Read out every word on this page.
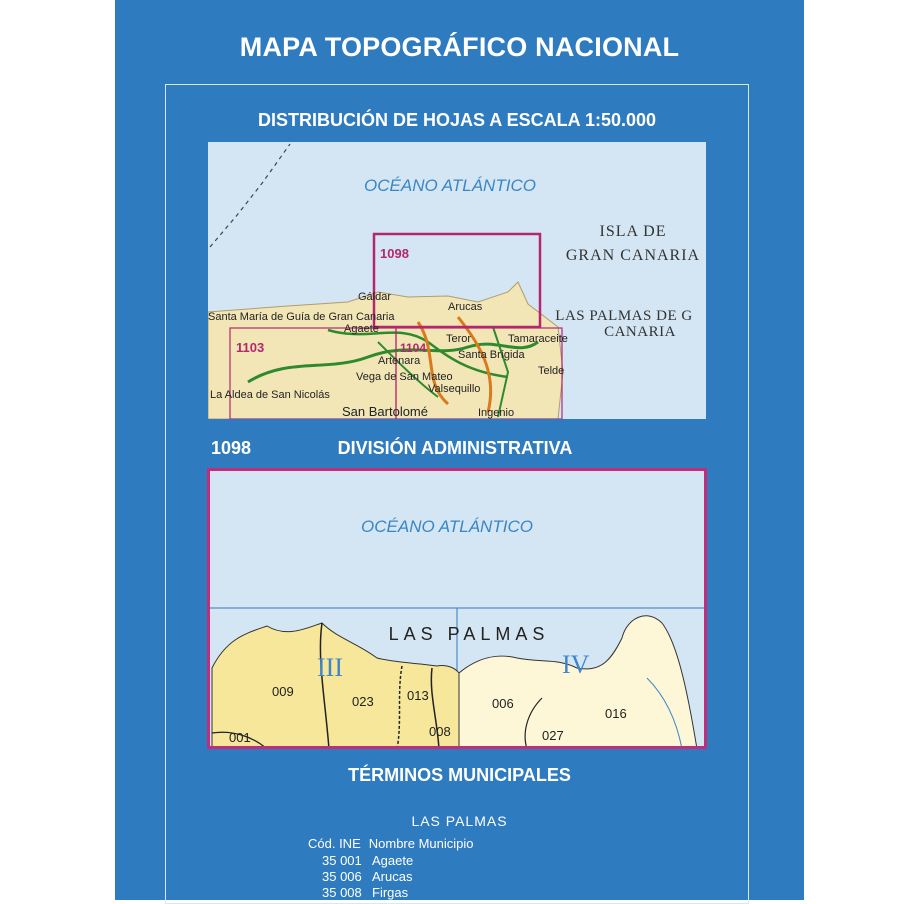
MAPA TOPOGRÁFICO NACIONAL
DISTRIBUCIÓN DE HOJAS A ESCALA 1:50.000
OCÉANO ATLÁNTICO
ISLA DE
GRAN CANARIA
LAS PALMAS DE G
CANARIA
1098
1103	1104
Gáldar
Arucas
Santa María de Guía de Gran Canaria
Agaete
Teror	Tamaraceite
Santa Brígida
Telde
Artenara
Vega de San Mateo
Valsequillo
La Aldea de San Nicolás
San Bartolomé	Ingenio
1098	DIVISIÓN ADMINISTRATIVA
OCÉANO ATLÁNTICO
LAS PALMAS
III	IV
009
023	013
008
001
006
027
016
TÉRMINOS MUNICIPALES
LAS PALMAS
Cód. INE Nombre Municipio
35 001 Agaete
35 006 Arucas
35 008 Firgas
